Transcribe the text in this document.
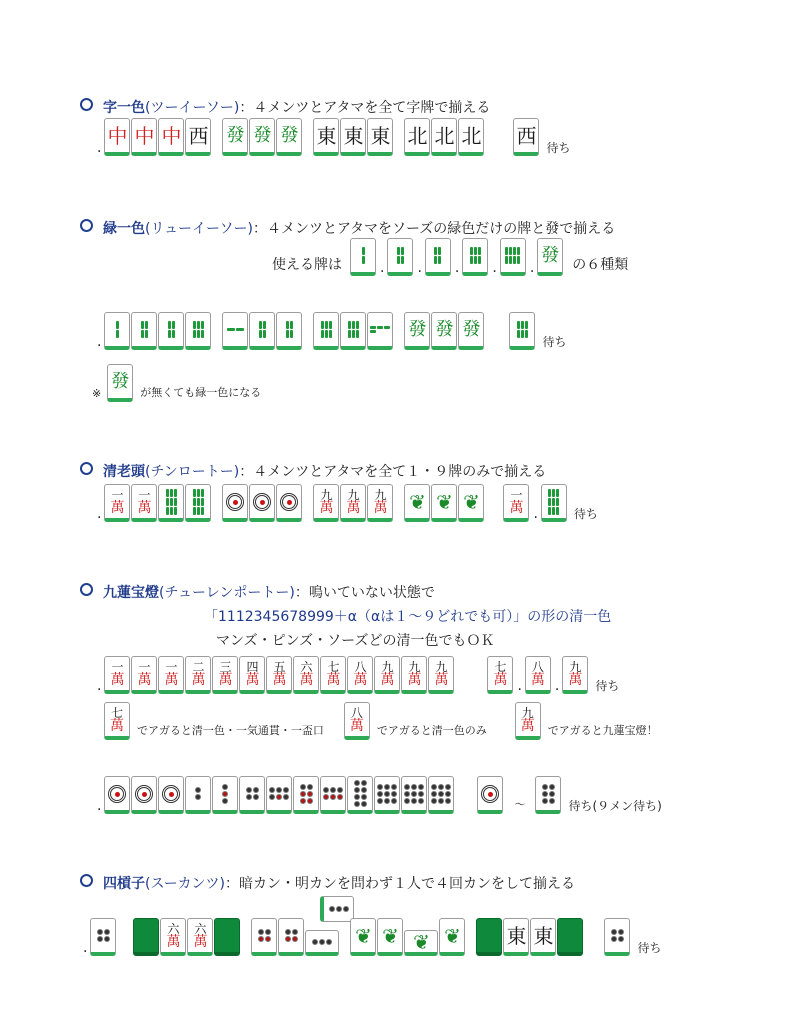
字一色(ツーイーソー)：４メンツとアタマを全て字牌で揃える
.
中 中 中 西 發 發 發 東 東 東 北 北 北 西
待ち
緑一色(リューイーソー)：４メンツとアタマをソーズの緑色だけの牌と發で揃える
使える牌は	. . . . .
發 の６種類
.
發 發 發
待ち
※
發
が無くても緑一色になる
清老頭(チンロートー)：４メンツとアタマを全て１・９牌のみで揃える
.
一
萬
一
萬
九
萬
九
萬
九
萬 ❦ ❦ ❦	一
萬 .	待ち
九蓮宝燈(チューレンポートー)：鳴いていない状態で
「1112345678999＋α（αは１～９どれでも可）」の形の清一色
マンズ・ピンズ・ソーズどの清一色でもＯＫ
.
一
萬
一
萬
一
萬
二
萬
三
萬
四
萬
五
萬
六
萬
七
萬
八
萬
九
萬
九
萬
九
萬
七
萬 .
八
萬 .
九
萬 待ち
七
萬 でアガると清一色・一気通貫・一盃口
八
萬 でアガると清一色のみ
九
萬 でアガると九蓮宝燈！
.	～	待ち(９メン待ち)
四槓子(スーカンツ)：暗カン・明カンを問わず１人で４回カンをして揃える
.
六
萬
六
萬	❦ ❦ ❦ ❦ 東 東
待ち
